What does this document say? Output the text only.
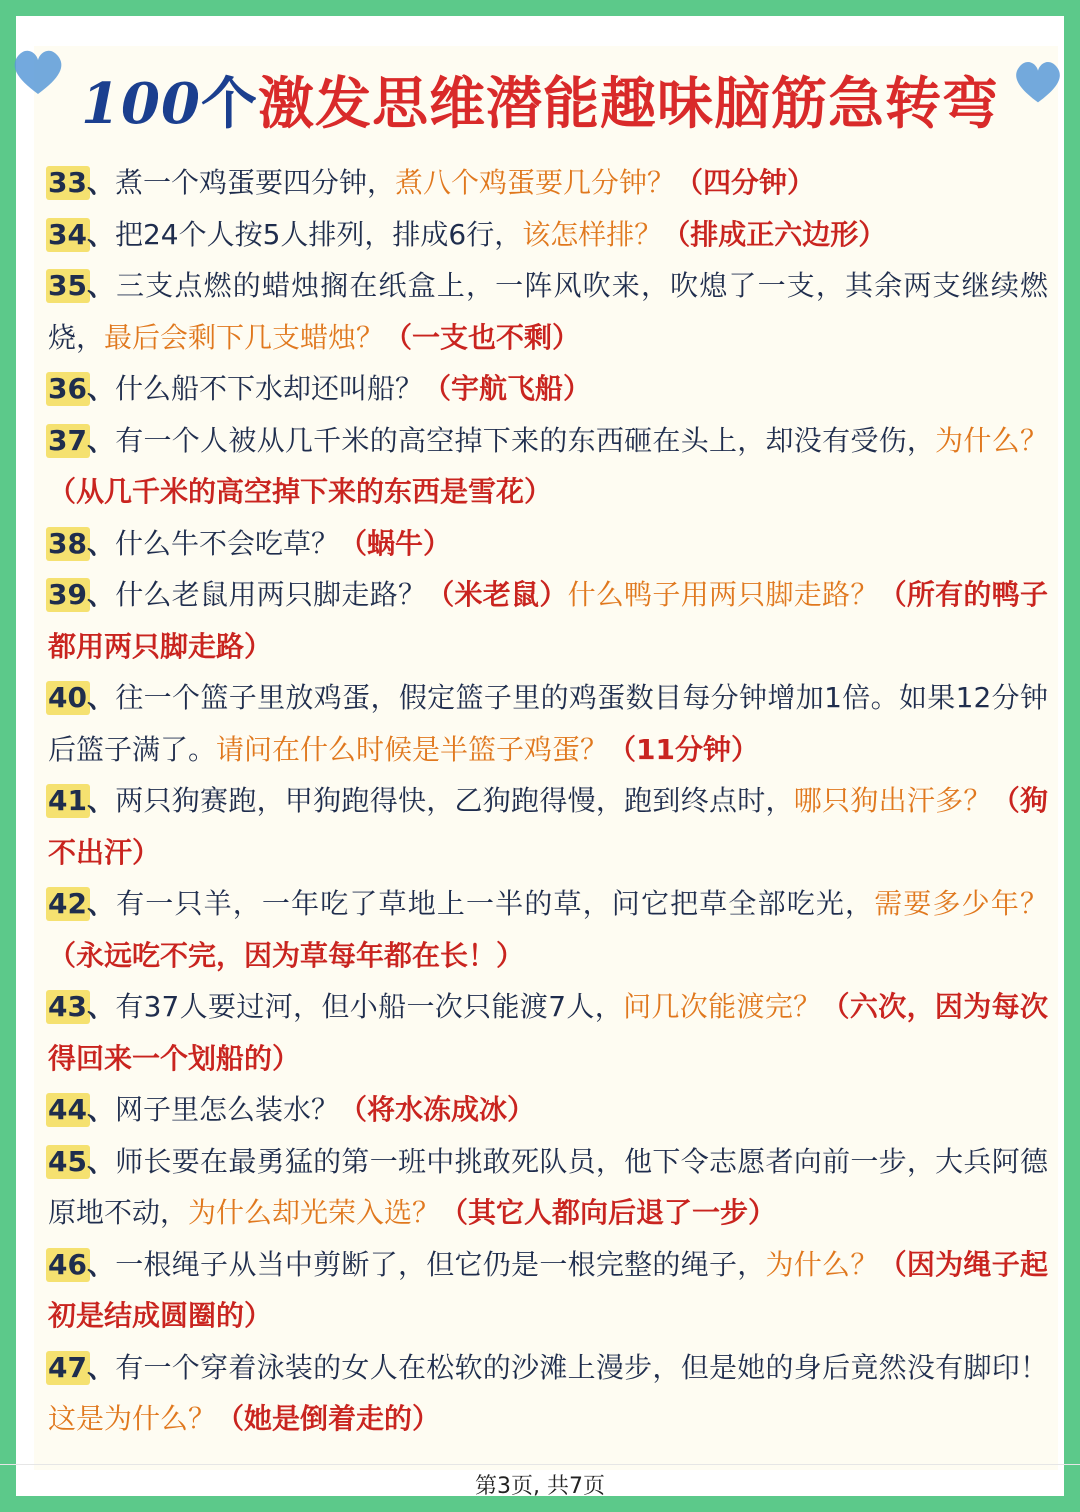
100个激发思维潜能趣味脑筋急转弯
33、煮一个鸡蛋要四分钟，煮八个鸡蛋要几分钟？（四分钟）
34、把24个人按5人排列，排成6行，该怎样排？（排成正六边形）
35、三支点燃的蜡烛搁在纸盒上，一阵风吹来，吹熄了一支，其余两支继续燃烧，最后会剩下几支蜡烛？（一支也不剩）
36、什么船不下水却还叫船？（宇航飞船）
37、有一个人被从几千米的高空掉下来的东西砸在头上，却没有受伤，为什么？（从几千米的高空掉下来的东西是雪花）
38、什么牛不会吃草？（蜗牛）
39、什么老鼠用两只脚走路？（米老鼠）什么鸭子用两只脚走路？（所有的鸭子都用两只脚走路）
40、往一个篮子里放鸡蛋，假定篮子里的鸡蛋数目每分钟增加1倍。如果12分钟后篮子满了。请问在什么时候是半篮子鸡蛋？（11分钟）
41、两只狗赛跑，甲狗跑得快，乙狗跑得慢，跑到终点时，哪只狗出汗多？（狗不出汗）
42、有一只羊，一年吃了草地上一半的草，问它把草全部吃光，需要多少年？（永远吃不完，因为草每年都在长！）
43、有37人要过河，但小船一次只能渡7人，问几次能渡完？（六次，因为每次得回来一个划船的）
44、网子里怎么装水？（将水冻成冰）
45、师长要在最勇猛的第一班中挑敢死队员，他下令志愿者向前一步，大兵阿德原地不动，为什么却光荣入选？（其它人都向后退了一步）
46、一根绳子从当中剪断了，但它仍是一根完整的绳子，为什么？（因为绳子起初是结成圆圈的）
47、有一个穿着泳装的女人在松软的沙滩上漫步，但是她的身后竟然没有脚印！这是为什么？（她是倒着走的）
第3页, 共7页
